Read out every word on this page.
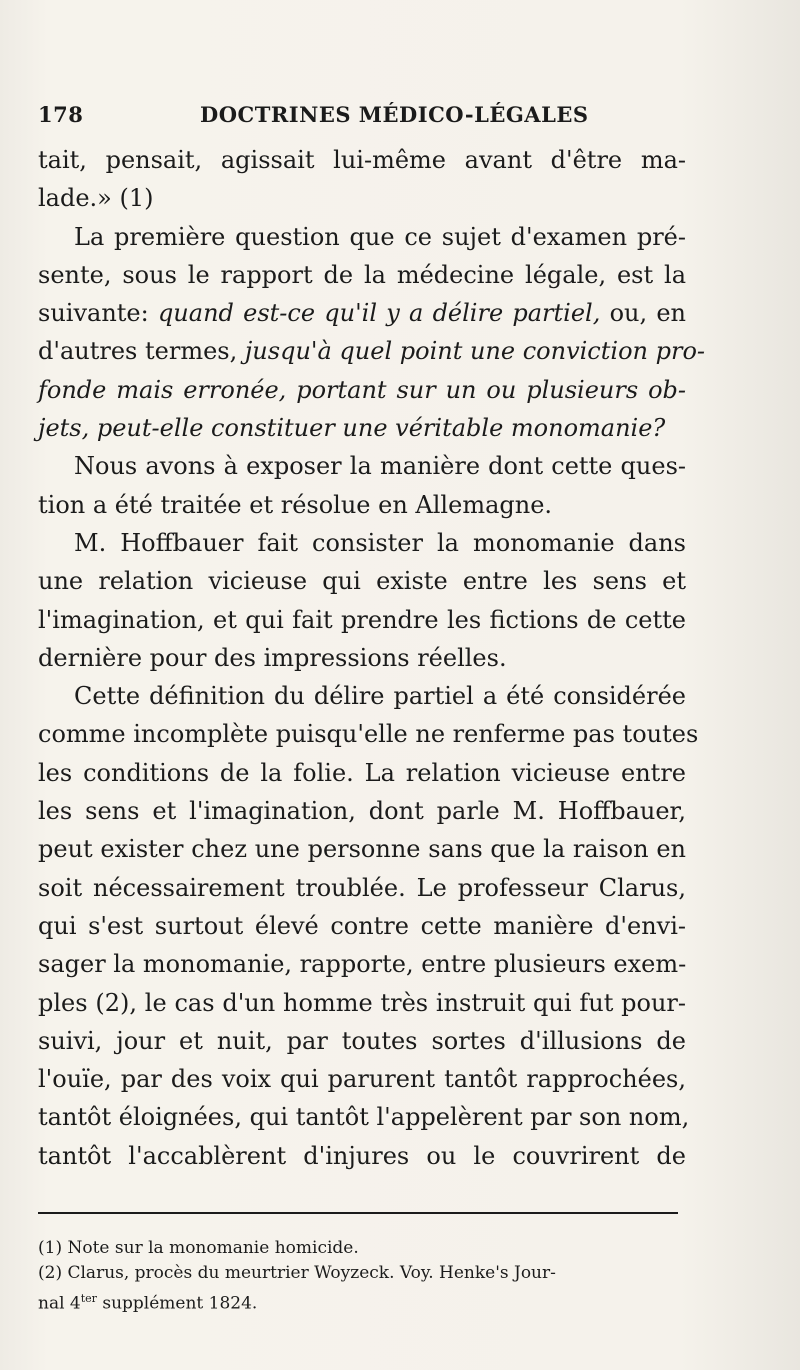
178	DOCTRINES MÉDICO-LÉGALES
tait, pensait, agissait lui-même avant d'être ma-
lade.» (1)
La première question que ce sujet d'examen pré-
sente, sous le rapport de la médecine légale, est la
suivante: quand est-ce qu'il y a délire partiel, ou, en
d'autres termes, jusqu'à quel point une conviction pro-
fonde mais erronée, portant sur un ou plusieurs ob-
jets, peut-elle constituer une véritable monomanie?
Nous avons à exposer la manière dont cette ques-
tion a été traitée et résolue en Allemagne.
M. Hoffbauer fait consister la monomanie dans
une relation vicieuse qui existe entre les sens et
l'imagination, et qui fait prendre les fictions de cette
dernière pour des impressions réelles.
Cette définition du délire partiel a été considérée
comme incomplète puisqu'elle ne renferme pas toutes
les conditions de la folie. La relation vicieuse entre
les sens et l'imagination, dont parle M. Hoffbauer,
peut exister chez une personne sans que la raison en
soit nécessairement troublée. Le professeur Clarus,
qui s'est surtout élevé contre cette manière d'envi-
sager la monomanie, rapporte, entre plusieurs exem-
ples (2), le cas d'un homme très instruit qui fut pour-
suivi, jour et nuit, par toutes sortes d'illusions de
l'ouïe, par des voix qui parurent tantôt rapprochées,
tantôt éloignées, qui tantôt l'appelèrent par son nom,
tantôt l'accablèrent d'injures ou le couvrirent de
(1) Note sur la monomanie homicide.
(2) Clarus, procès du meurtrier Woyzeck. Voy. Henke's Jour-
nal $4^{ter}$ supplément 1824.
